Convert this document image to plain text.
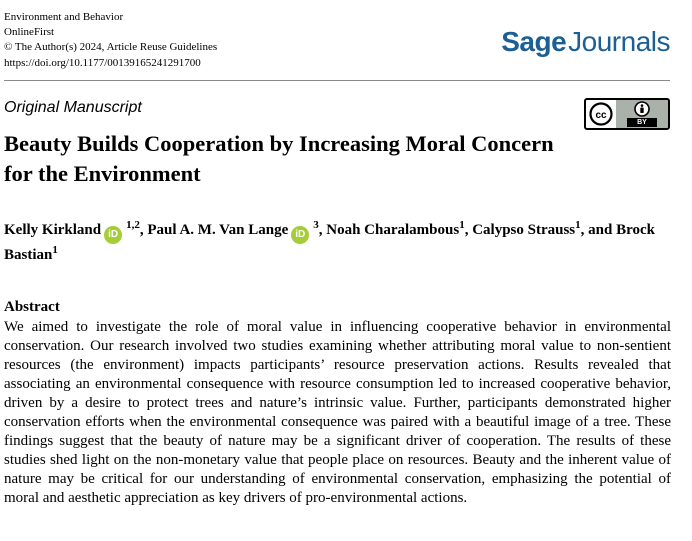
Environment and Behavior
OnlineFirst
© The Author(s) 2024, Article Reuse Guidelines
https://doi.org/10.1177/00139165241291700
Sage Journals
Original Manuscript	cc
BY
Beauty Builds Cooperation by Increasing Moral Concern for the Environment
Kelly Kirkland iD$^{1,2}$, Paul A. M. Van Lange $iD^3$, Noah Charalambous$^1$, Calypso Strauss$^1$, and Brock Bastian$^1$
Abstract

We aimed to investigate the role of moral value in influencing cooperative behavior in environmental conservation. Our research involved two studies examining whether attributing moral value to non-sentient resources (the environment) impacts participants’ resource preservation actions. Results revealed that associating an environmental consequence with resource consumption led to increased cooperative behavior, driven by a desire to protect trees and nature’s intrinsic value. Further, participants demonstrated higher conservation efforts when the environmental consequence was paired with a beautiful image of a tree. These findings suggest that the beauty of nature may be a significant driver of cooperation. The results of these studies shed light on the non-monetary value that people place on resources. Beauty and the inherent value of nature may be critical for our understanding of environmental conservation, emphasizing the potential of moral and aesthetic appreciation as key drivers of pro-environmental actions.
